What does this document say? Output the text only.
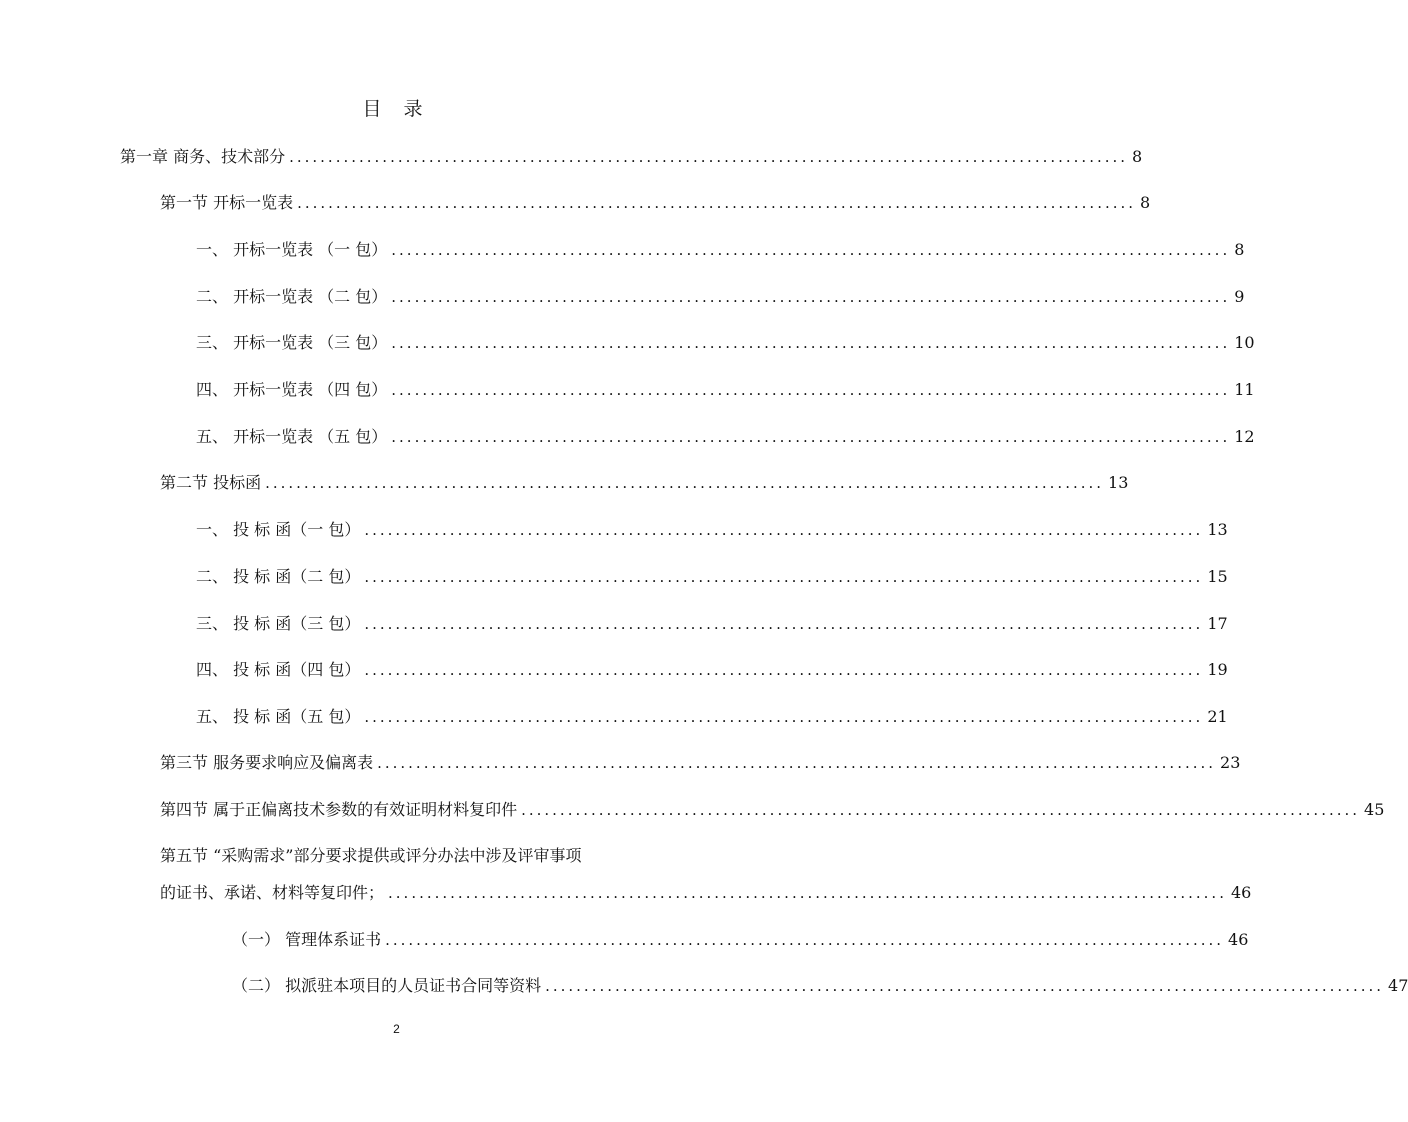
目 录
第一章 商务、技术部分 ............................................................................................................ 8
第一节 开标一览表 ............................................................................................................ 8
一、 开标一览表 （一 包） ............................................................................................................ 8
二、 开标一览表 （二 包） ............................................................................................................ 9
三、 开标一览表 （三 包） ............................................................................................................ 10
四、 开标一览表 （四 包） ............................................................................................................ 11
五、 开标一览表 （五 包） ............................................................................................................ 12
第二节 投标函 ............................................................................................................ 13
一、 投 标 函（一 包） ............................................................................................................ 13
二、 投 标 函（二 包） ............................................................................................................ 15
三、 投 标 函（三 包） ............................................................................................................ 17
四、 投 标 函（四 包） ............................................................................................................ 19
五、 投 标 函（五 包） ............................................................................................................ 21
第三节 服务要求响应及偏离表 ............................................................................................................ 23
第四节 属于正偏离技术参数的有效证明材料复印件 ............................................................................................................ 45
第五节 “采购需求”部分要求提供或评分办法中涉及评审事项
的证书、承诺、材料等复印件； ............................................................................................................ 46
（一） 管理体系证书 ............................................................................................................ 46
（二） 拟派驻本项目的人员证书合同等资料 ............................................................................................................ 47
2
